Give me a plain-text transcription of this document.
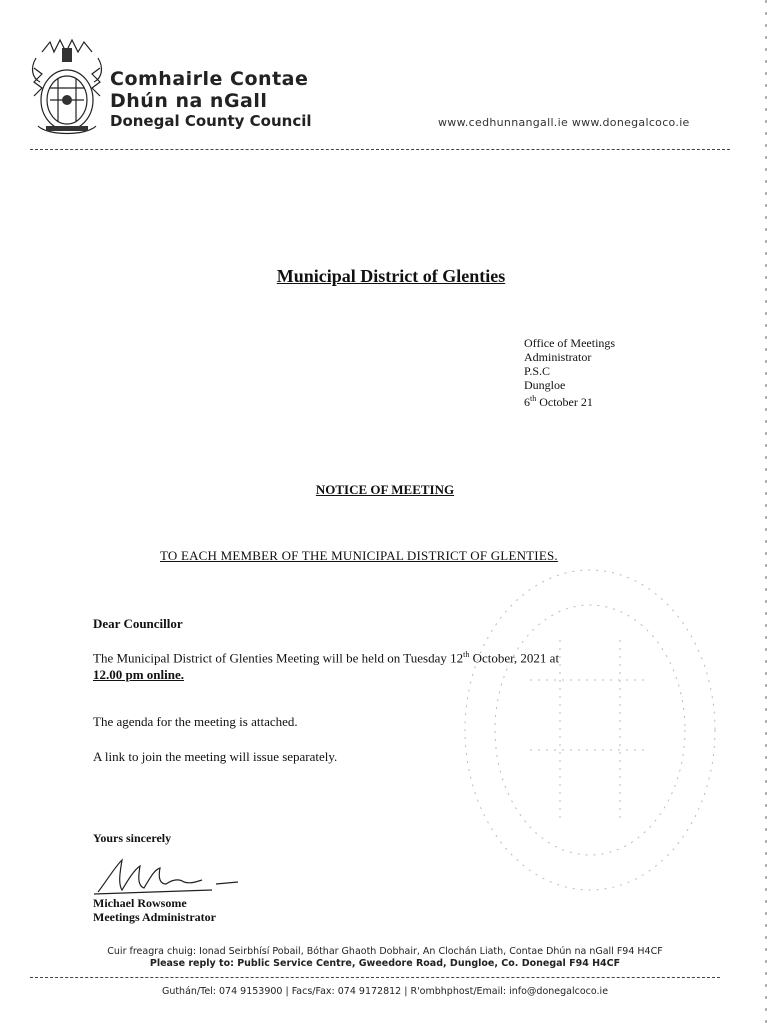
Comhairle Contae
Dhún na nGall
Donegal County Council	www.cedhunnangall.ie www.donegalcoco.ie
Municipal District of Glenties
Office of Meetings
Administrator
P.S.C
Dungloe
6th October 21
NOTICE OF MEETING
TO EACH MEMBER OF THE MUNICIPAL DISTRICT OF GLENTIES.
Dear Councillor
The Municipal District of Glenties Meeting will be held on Tuesday 12th October, 2021 at
12.00 pm online.
The agenda for the meeting is attached.
A link to join the meeting will issue separately.
Yours sincerely
Michael Rowsome
Meetings Administrator
Cuir freagra chuig: Ionad Seirbhísí Pobail, Bóthar Ghaoth Dobhair, An Clochán Liath, Contae Dhún na nGall F94 H4CF
Please reply to: Public Service Centre, Gweedore Road, Dungloe, Co. Donegal F94 H4CF
Guthán/Tel: 074 9153900 | Facs/Fax: 074 9172812 | R'ombhphost/Email: info@donegalcoco.ie
